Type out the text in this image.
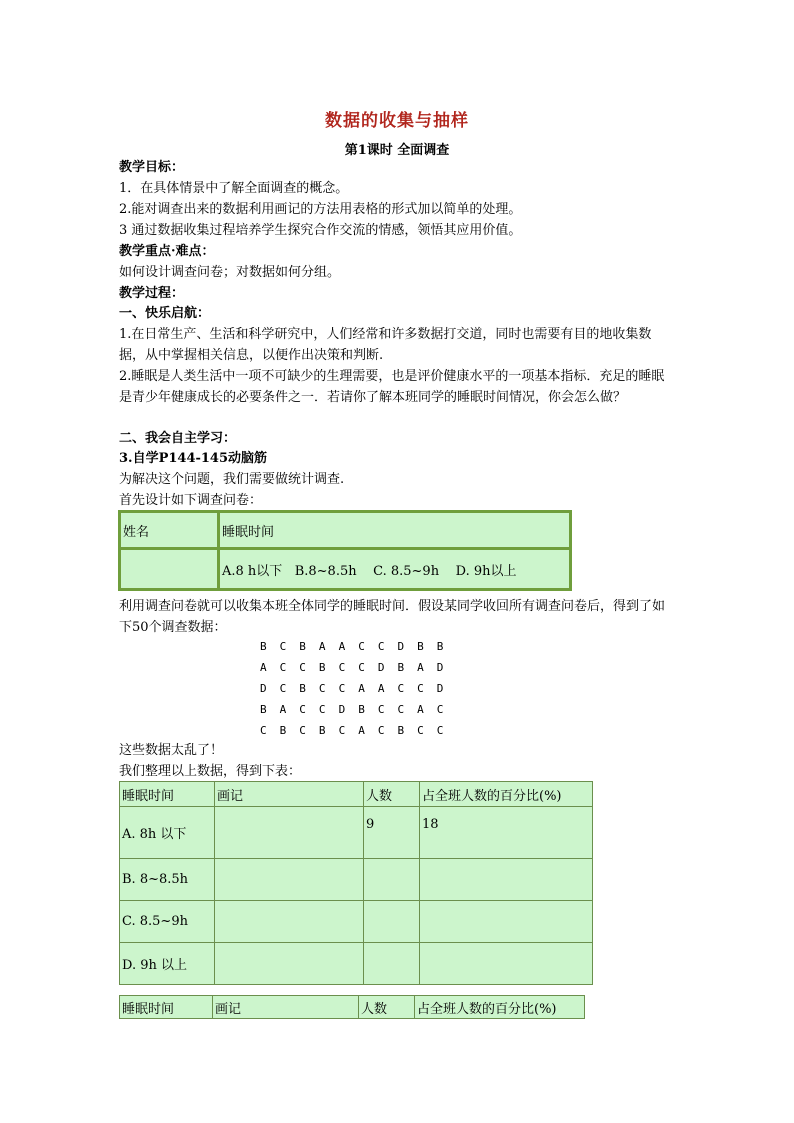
数据的收集与抽样
第1课时 全面调查
教学目标：
1．在具体情景中了解全面调查的概念。
2.能对调查出来的数据利用画记的方法用表格的形式加以简单的处理。
3 通过数据收集过程培养学生探究合作交流的情感，领悟其应用价值。
教学重点·难点：
如何设计调查问卷；对数据如何分组。
教学过程：
一、快乐启航：
1.在日常生产、生活和科学研究中，人们经常和许多数据打交道，同时也需要有目的地收集数据，从中掌握相关信息，以便作出决策和判断.
2.睡眠是人类生活中一项不可缺少的生理需要，也是评价健康水平的一项基本指标．充足的睡眠是青少年健康成长的必要条件之一．若请你了解本班同学的睡眠时间情况，你会怎么做？
二、我会自主学习：
3.自学P144-145动脑筋
为解决这个问题，我们需要做统计调查.
首先设计如下调查问卷：
姓名	睡眠时间
	A.8 h以下   B.8~8.5h    C. 8.5~9h    D. 9h以上
利用调查问卷就可以收集本班全体同学的睡眠时间．假设某同学收回所有调查问卷后，得到了如下50个调查数据：
B C B A A C C D B B
A C C B C C D B A D
D C B C C A A C C D
B A C C D B C C A C
C B C B C A C B C C
这些数据太乱了！
我们整理以上数据，得到下表：
睡眠时间	画记	人数	占全班人数的百分比(%)
A. 8h 以下		9	18
B. 8~8.5h			
C. 8.5~9h			
D. 9h 以上			
睡眠时间	画记	人数	占全班人数的百分比(%)
